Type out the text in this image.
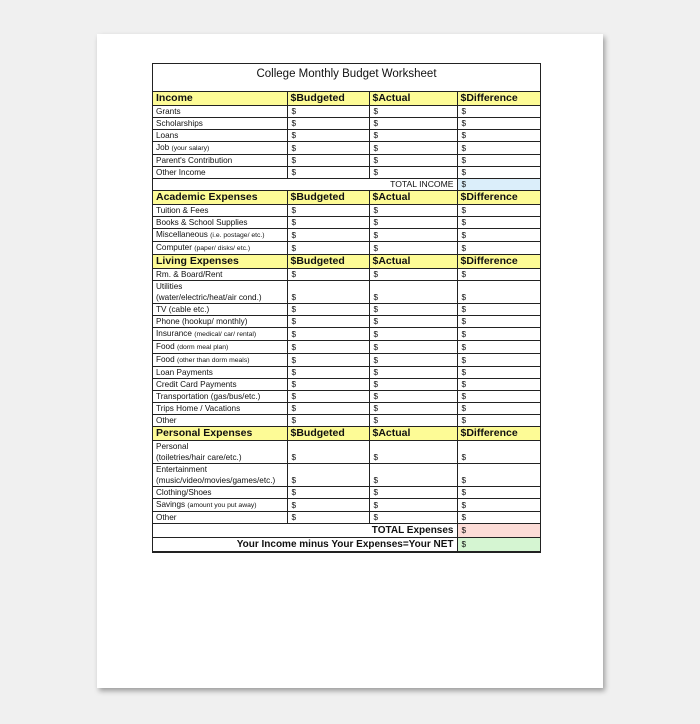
College Monthly Budget Worksheet
Income	$Budgeted	$Actual	$Difference
Grants	$	$	$
Scholarships	$	$	$
Loans	$	$	$
Job (your salary)	$	$	$
Parent's Contribution	$	$	$
Other Income	$	$	$
TOTAL INCOME			$
Academic Expenses	$Budgeted	$Actual	$Difference
Tuition & Fees	$	$	$
Books & School Supplies	$	$	$
Miscellaneous (i.e. postage/ etc.)	$	$	$
Computer (paper/ disks/ etc.)	$	$	$
Living Expenses	$Budgeted	$Actual	$Difference
Rm. & Board/Rent	$	$	$
Utilities
(water/electric/heat/air cond.)	$	$	$
TV (cable etc.)	$	$	$
Phone (hookup/ monthly)	$	$	$
Insurance (medical/ car/ rental)	$	$	$
Food (dorm meal plan)	$	$	$
Food (other than dorm meals)	$	$	$
Loan Payments	$	$	$
Credit Card Payments	$	$	$
Transportation (gas/bus/etc.)	$	$	$
Trips Home / Vacations	$	$	$
Other	$	$	$
Personal Expenses	$Budgeted	$Actual	$Difference
Personal
(toiletries/hair care/etc.)	$	$	$
Entertainment
(music/video/movies/games/etc.)	$	$	$
Clothing/Shoes	$	$	$
Savings (amount you put away)	$	$	$
Other	$	$	$
TOTAL Expenses			$
Your Income minus Your Expenses=Your NET			$
